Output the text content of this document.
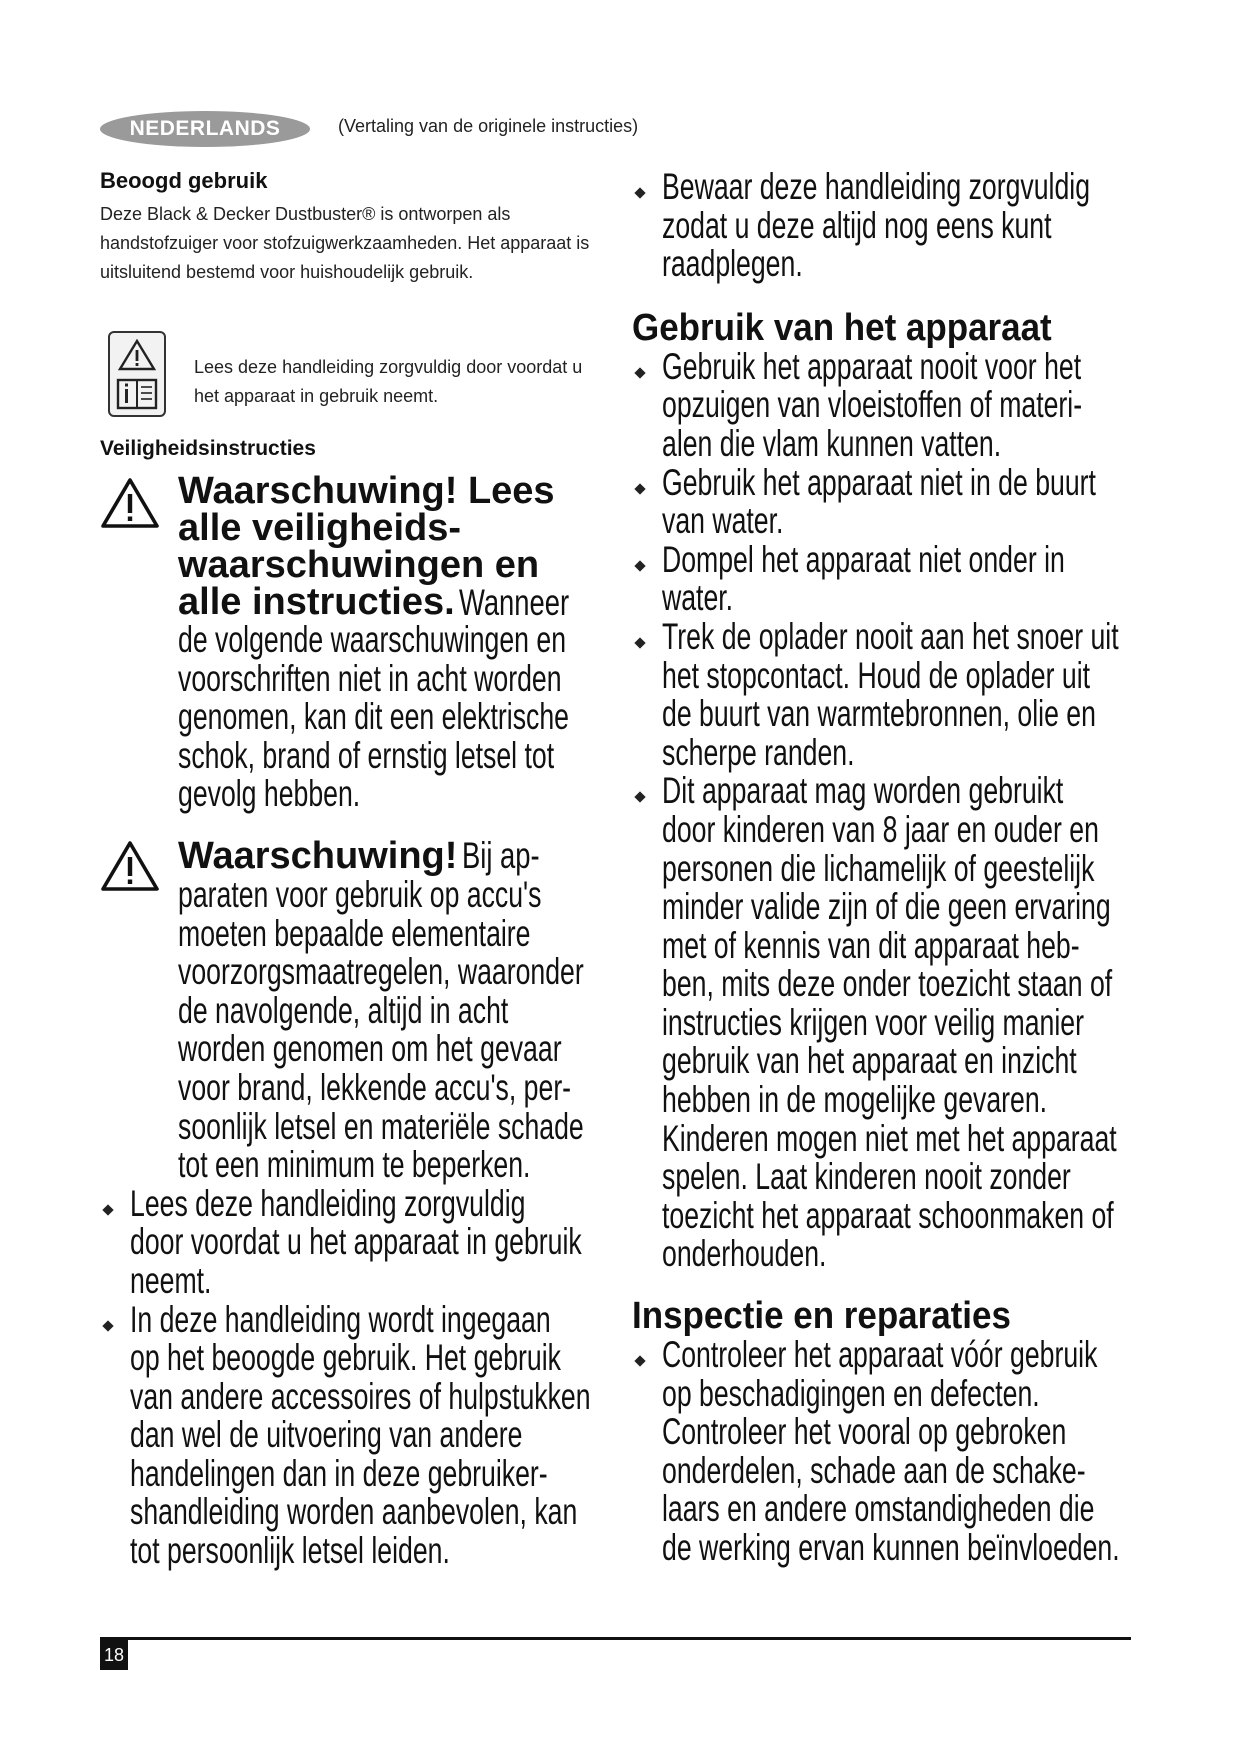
NEDERLANDS	(Vertaling van de originele instructies)
Beoogd gebruik
Deze Black & Decker Dustbuster® is ontworpen als
handstofzuiger voor stofzuigwerkzaamheden. Het apparaat is
uitsluitend bestemd voor huishoudelijk gebruik.
Lees deze handleiding zorgvuldig door voordat u
het apparaat in gebruik neemt.
Veiligheidsinstructies
Waarschuwing! Lees
alle veiligheids-
waarschuwingen en
alle instructies. Wanneer
de volgende waarschuwingen en
voorschriften niet in acht worden
genomen, kan dit een elektrische
schok, brand of ernstig letsel tot
gevolg hebben.
Waarschuwing! Bij ap-
paraten voor gebruik op accu's
moeten bepaalde elementaire
voorzorgsmaatregelen, waaronder
de navolgende, altijd in acht
worden genomen om het gevaar
voor brand, lekkende accu's, per-
soonlijk letsel en materiële schade
tot een minimum te beperken.
Lees deze handleiding zorgvuldig
door voordat u het apparaat in gebruik
neemt.
In deze handleiding wordt ingegaan
op het beoogde gebruik. Het gebruik
van andere accessoires of hulpstukken
dan wel de uitvoering van andere
handelingen dan in deze gebruiker-
shandleiding worden aanbevolen, kan
tot persoonlijk letsel leiden.
Bewaar deze handleiding zorgvuldig
zodat u deze altijd nog eens kunt
raadplegen.
Gebruik van het apparaat
Gebruik het apparaat nooit voor het
opzuigen van vloeistoffen of materi-
alen die vlam kunnen vatten.
Gebruik het apparaat niet in de buurt
van water.
Dompel het apparaat niet onder in
water.
Trek de oplader nooit aan het snoer uit
het stopcontact. Houd de oplader uit
de buurt van warmtebronnen, olie en
scherpe randen.
Dit apparaat mag worden gebruikt
door kinderen van 8 jaar en ouder en
personen die lichamelijk of geestelijk
minder valide zijn of die geen ervaring
met of kennis van dit apparaat heb-
ben, mits deze onder toezicht staan of
instructies krijgen voor veilig manier
gebruik van het apparaat en inzicht
hebben in de mogelijke gevaren.
Kinderen mogen niet met het apparaat
spelen. Laat kinderen nooit zonder
toezicht het apparaat schoonmaken of
onderhouden.
Inspectie en reparaties
Controleer het apparaat vóór gebruik
op beschadigingen en defecten.
Controleer het vooral op gebroken
onderdelen, schade aan de schake-
laars en andere omstandigheden die
de werking ervan kunnen beïnvloeden.
18
